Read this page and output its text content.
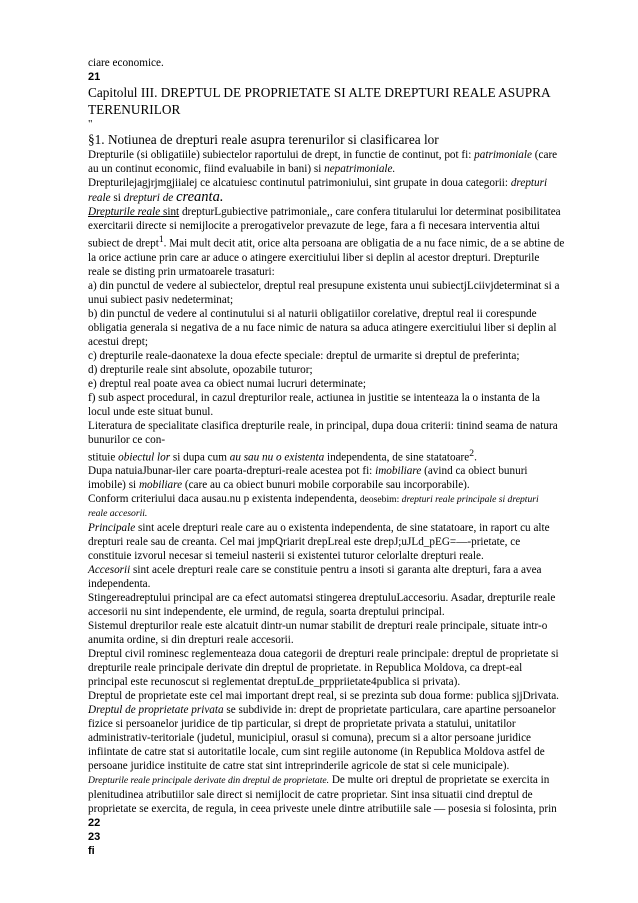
ciare economice.

21

Capitolul III. DREPTUL DE PROPRIETATE SI ALTE DREPTURI REALE ASUPRA

TERENURILOR

"

§1. Notiunea de drepturi reale asupra terenurilor si clasificarea lor

Drepturile (si obligatiile) subiectelor raportului de drept, in functie de continut, pot fi: patrimoniale (care

au un continut economic, fiind evaluabile in bani) si nepatrimoniale.

Drepturilejagjrjmgjiialej ce alcatuiesc continutul patrimoniului, sint grupate in doua categorii: drepturi

reale si drepturi de creanta.

Drepturile reale sint drepturLgubiective patrimoniale,, care confera titularului lor determinat posibilitatea

exercitarii directe si nemijlocite a prerogativelor prevazute de lege, fara a fi necesara interventia altui

subiect de drept$^1$. Mai mult decit atit, orice alta persoana are obligatia de a nu face nimic, de a se abtine de

la orice actiune prin care ar aduce o atingere exercitiului liber si deplin al acestor drepturi. Drepturile

reale se disting prin urmatoarele trasaturi:

a) din punctul de vedere al subiectelor, dreptul real presupune existenta unui subiectjLciivjdeterminat si a

unui subiect pasiv nedeterminat;

b) din punctul de vedere al continutului si al naturii obligatiilor corelative, dreptul real ii corespunde

obligatia generala si negativa de a nu face nimic de natura sa aduca atingere exercitiului liber si deplin al

acestui drept;

c) drepturile reale-daonatexe la doua efecte speciale: dreptul de urmarite si dreptul de preferinta;

d) drepturile reale sint absolute, opozabile tuturor;

e) dreptul real poate avea ca obiect numai lucruri determinate;

f) sub aspect procedural, in cazul drepturilor reale, actiunea in justitie se intenteaza la o instanta de la

locul unde este situat bunul.

Literatura de specialitate clasifica drepturile reale, in principal, dupa doua criterii: tinind seama de natura

bunurilor ce con-

stituie obiectul lor si dupa cum au sau nu o existenta independenta, de sine statatoare$^2$.

Dupa natuiaJbunar-iler care poarta-drepturi-reale acestea pot fi: imobiliare (avind ca obiect bunuri

imobile) si mobiliare (care au ca obiect bunuri mobile corporabile sau incorporabile).

Conform criteriului daca ausau.nu p existenta independenta, deosebim: drepturi reale principale si drepturi

reale accesorii.

Principale sint acele drepturi reale care au o existenta independenta, de sine statatoare, in raport cu alte

drepturi reale sau de creanta. Cel mai jmpQriarit drepLreal este drepJ;uJLd_pEG=—-prietate, ce

constituie izvorul necesar si temeiul nasterii si existentei tuturor celorlalte drepturi reale.

Accesorii sint acele drepturi reale care se constituie pentru a insoti si garanta alte drepturi, fara a avea

independenta.

Stingereadreptului principal are ca efect automatsi stingerea dreptuluLaccesoriu. Asadar, drepturile reale

accesorii nu sint independente, ele urmind, de regula, soarta dreptului principal.

Sistemul drepturilor reale este alcatuit dintr-un numar stabilit de drepturi reale principale, situate intr-o

anumita ordine, si din drepturi reale accesorii.

Dreptul civil rominesc reglementeaza doua categorii de drepturi reale principale: dreptul de proprietate si

drepturile reale principale derivate din dreptul de proprietate. in Republica Moldova, ca drept-eal

principal este recunoscut si reglementat dreptuLde_prppriietate4publica si privata).

Dreptul de proprietate este cel mai important drept real, si se prezinta sub doua forme: publica sjjDrivata.

Dreptul de proprietate privata se subdivide in: drept de proprietate particulara, care apartine persoanelor

fizice si persoanelor juridice de tip particular, si drept de proprietate privata a statului, unitatilor

administrativ-teritoriale (judetul, municipiul, orasul si comuna), precum si a altor persoane juridice

infiintate de catre stat si autoritatile locale, cum sint regiile autonome (in Republica Moldova astfel de

persoane juridice instituite de catre stat sint intreprinderile agricole de stat si cele municipale).

Drepturile reale principale derivate din dreptul de proprietate. De multe ori dreptul de proprietate se exercita in

plenitudinea atributiilor sale direct si nemijlocit de catre proprietar. Sint insa situatii cind dreptul de

proprietate se exercita, de regula, in ceea priveste unele dintre atributiile sale — posesia si folosinta, prin

22

23

fi
